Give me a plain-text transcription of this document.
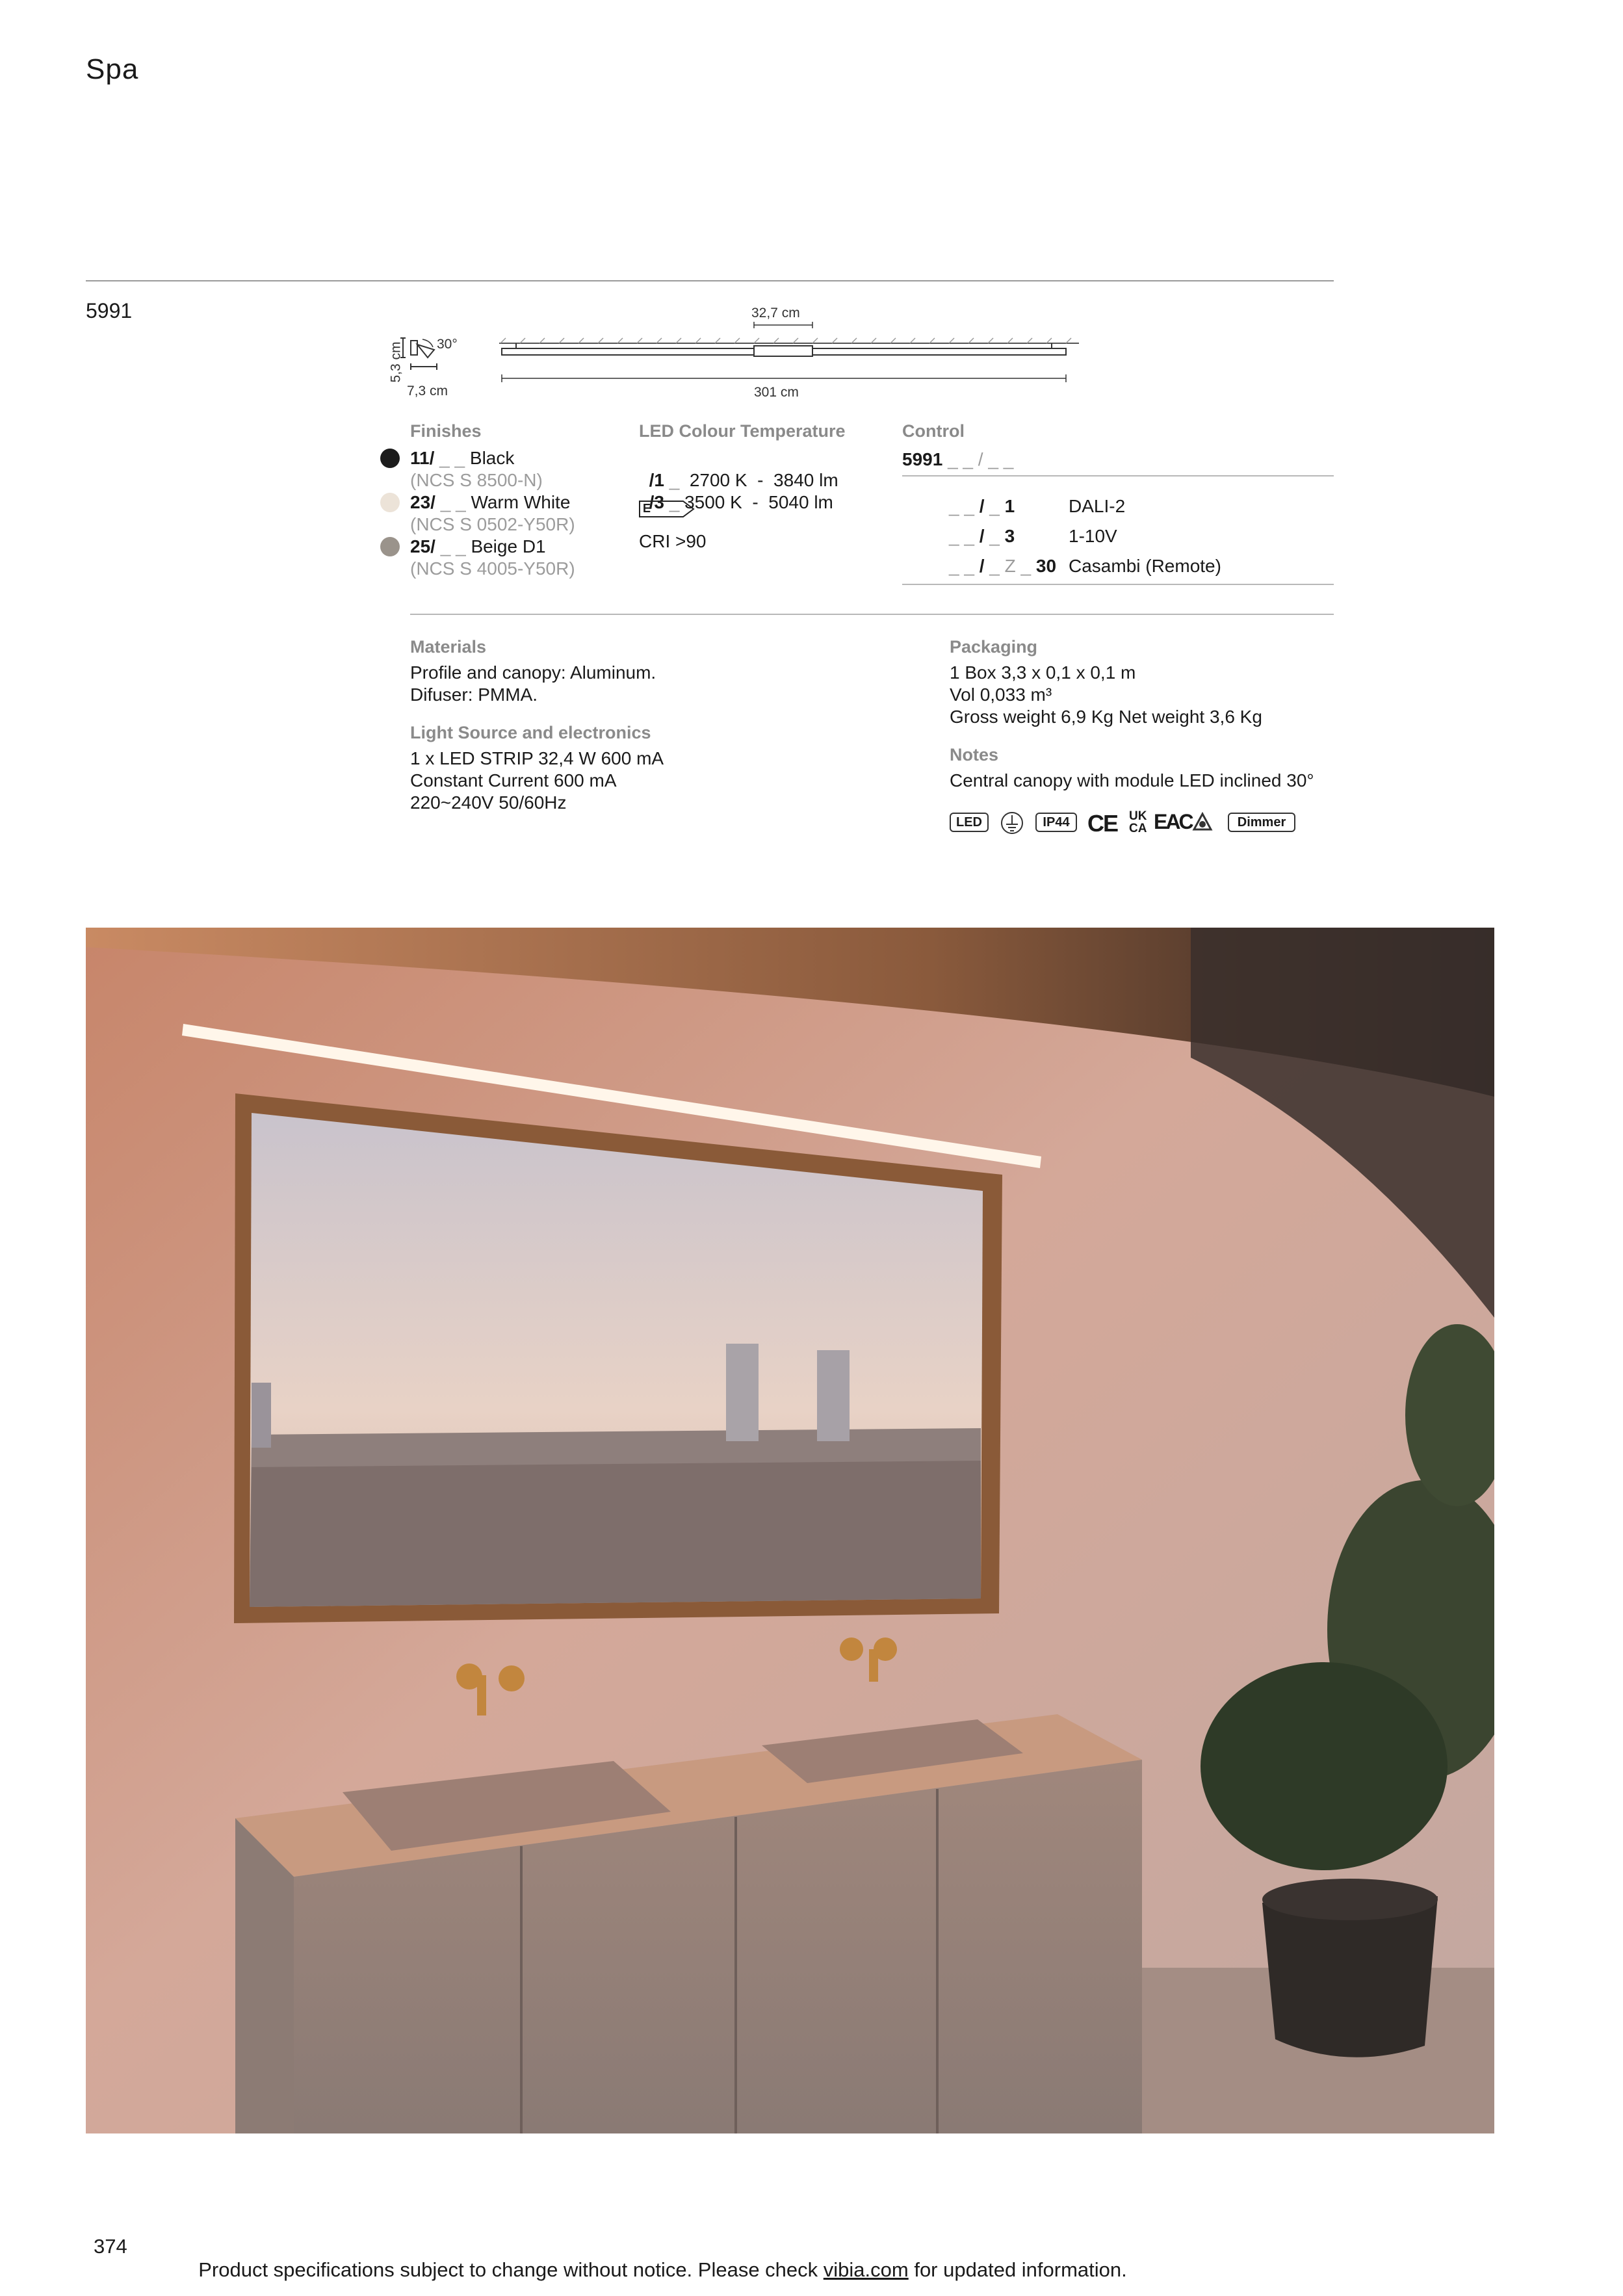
Spa
5991	32,7 cm
301 cm
30°
7,3 cm
5,3 cm
Finishes
11/ _ _ Black
(NCS S 8500-N)
23/ _ _ Warm White
(NCS S 0502-Y50R)
25/ _ _ Beige D1
(NCS S 4005-Y50R)
LED Colour Temperature

/1 _ 2700 K - 3840 lm

/3 _ 3500 K - 5040 lm

E
CRI >90
Control
5991 _ _ / _ _
_ _ / _ 1	DALI-2
_ _ / _ 3	1-10V
_ _ / _ Z _ 30 Casambi (Remote)
Materials
Profile and canopy: Aluminum.
Difuser: PMMA.
Light Source and electronics
1 x LED STRIP 32,4 W 600 mA
Constant Current 600 mA
220~240V 50/60Hz
Packaging
1 Box 3,3 x 0,1 x 0,1 m
Vol 0,033 m³
Gross weight 6,9 Kg Net weight 3,6 Kg
Notes
Central canopy with module LED inclined 30°
LED	IP44 CE UK
CA EAC	Dimmer
374

Product specifications subject to change without notice. Please check vibia.com for updated information.
